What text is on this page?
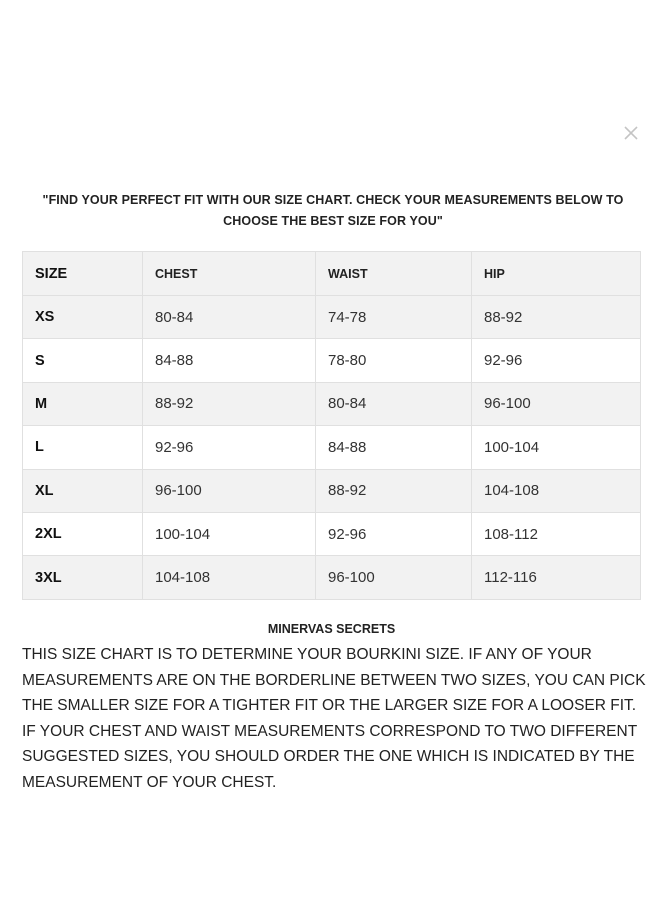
"FIND YOUR PERFECT FIT WITH OUR SIZE CHART. CHECK YOUR MEASUREMENTS BELOW TO CHOOSE THE BEST SIZE FOR YOU"
SIZE	CHEST	WAIST	HIP
XS	80-84	74-78	88-92
S	84-88	78-80	92-96
M	88-92	80-84	96-100
L	92-96	84-88	100-104
XL	96-100	88-92	104-108
2XL	100-104	92-96	108-112
3XL	104-108	96-100	112-116
MINERVAS SECRETS

THIS SIZE CHART IS TO DETERMINE YOUR BOURKINI SIZE. IF ANY OF YOUR MEASUREMENTS ARE ON THE BORDERLINE BETWEEN TWO SIZES, YOU CAN PICK THE SMALLER SIZE FOR A TIGHTER FIT OR THE LARGER SIZE FOR A LOOSER FIT. IF YOUR CHEST AND WAIST MEASUREMENTS CORRESPOND TO TWO DIFFERENT SUGGESTED SIZES, YOU SHOULD ORDER THE ONE WHICH IS INDICATED BY THE MEASUREMENT OF YOUR CHEST.
